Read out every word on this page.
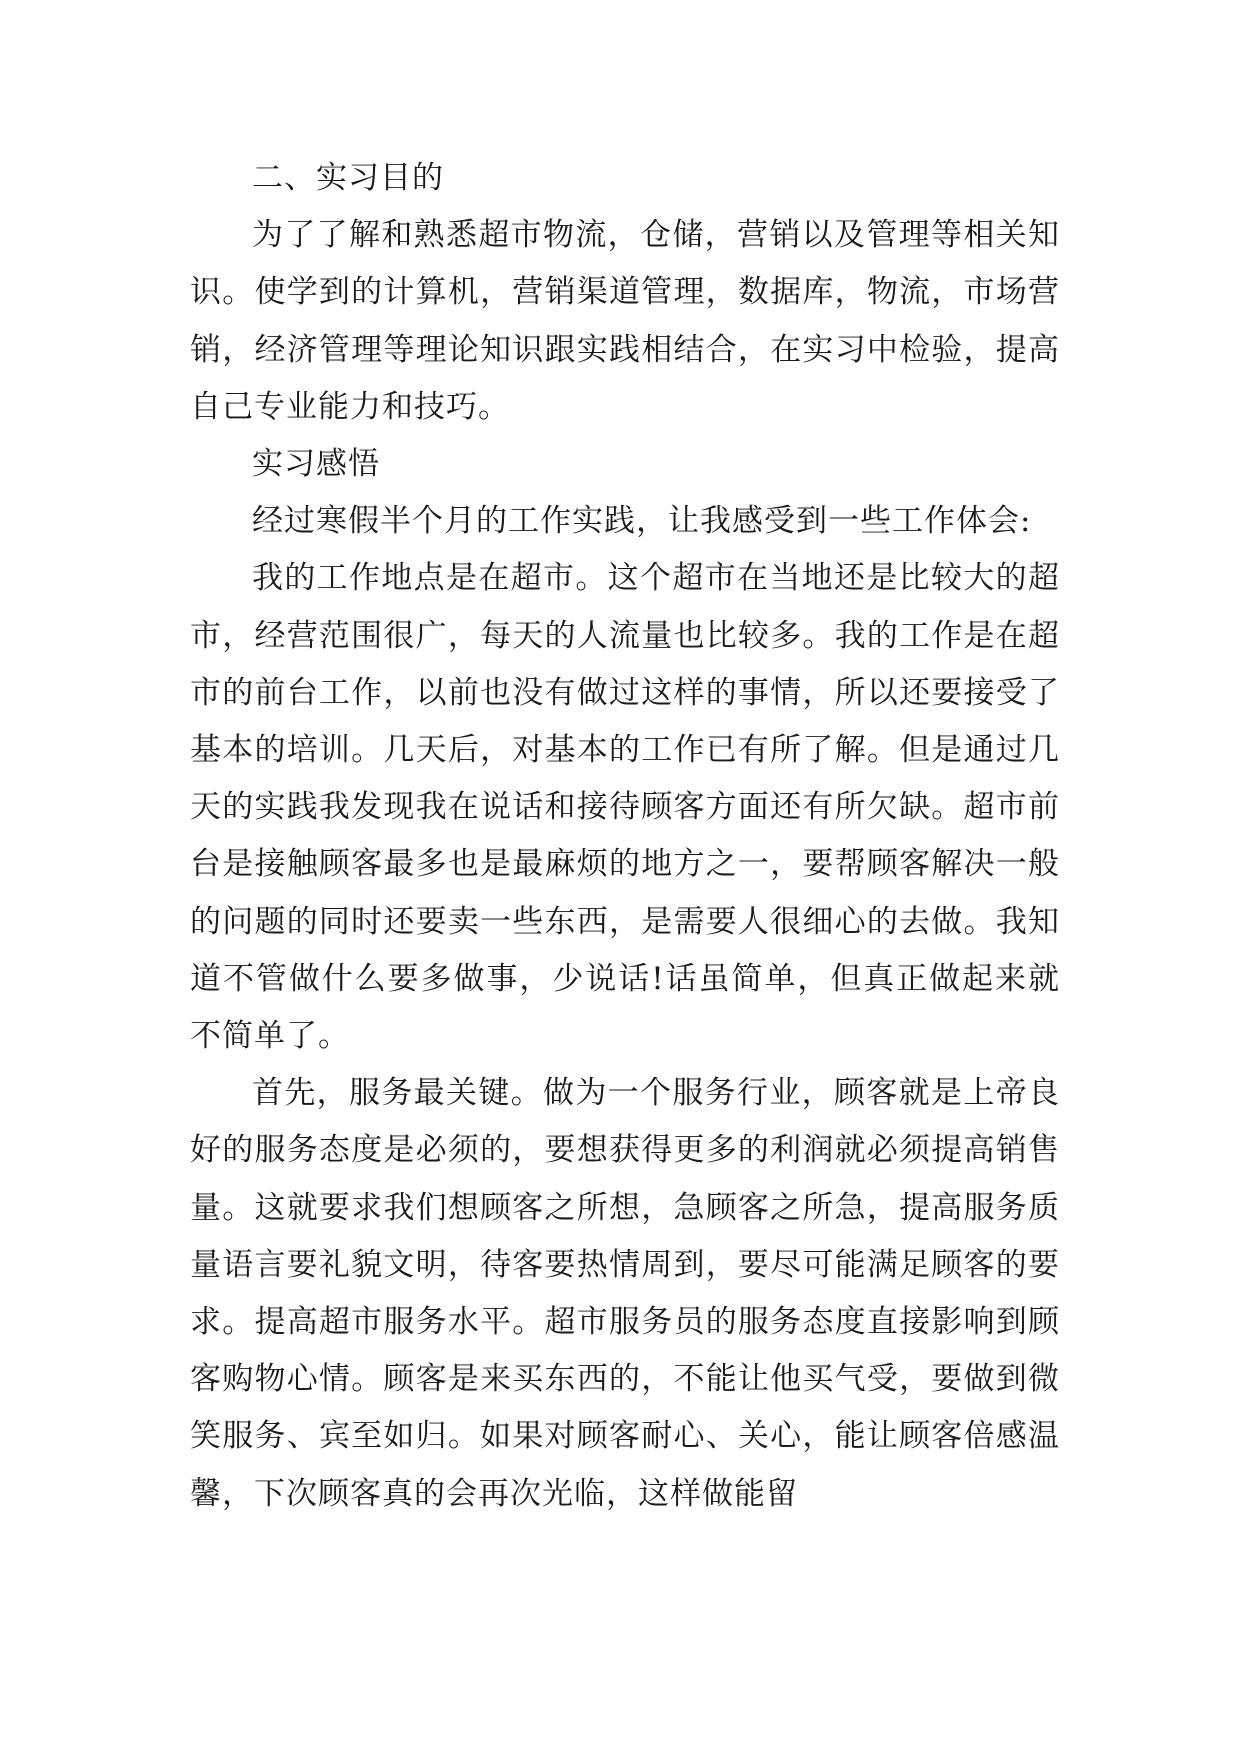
二、实习目的

为了了解和熟悉超市物流，仓储，营销以及管理等相关知识。使学到的计算机，营销渠道管理，数据库，物流，市场营销，经济管理等理论知识跟实践相结合，在实习中检验，提高自己专业能力和技巧。

实习感悟

经过寒假半个月的工作实践，让我感受到一些工作体会:

我的工作地点是在超市。这个超市在当地还是比较大的超市，经营范围很广，每天的人流量也比较多。我的工作是在超市的前台工作，以前也没有做过这样的事情，所以还要接受了基本的培训。几天后，对基本的工作已有所了解。但是通过几天的实践我发现我在说话和接待顾客方面还有所欠缺。超市前台是接触顾客最多也是最麻烦的地方之一，要帮顾客解决一般的问题的同时还要卖一些东西，是需要人很细心的去做。我知道不管做什么要多做事，少说话!话虽简单，但真正做起来就不简单了。

首先，服务最关键。做为一个服务行业，顾客就是上帝良好的服务态度是必须的，要想获得更多的利润就必须提高销售量。这就要求我们想顾客之所想，急顾客之所急，提高服务质量语言要礼貌文明，待客要热情周到，要尽可能满足顾客的要求。提高超市服务水平。超市服务员的服务态度直接影响到顾客购物心情。顾客是来买东西的，不能让他买气受，要做到微笑服务、宾至如归。如果对顾客耐心、关心，能让顾客倍感温馨，下次顾客真的会再次光临，这样做能留
